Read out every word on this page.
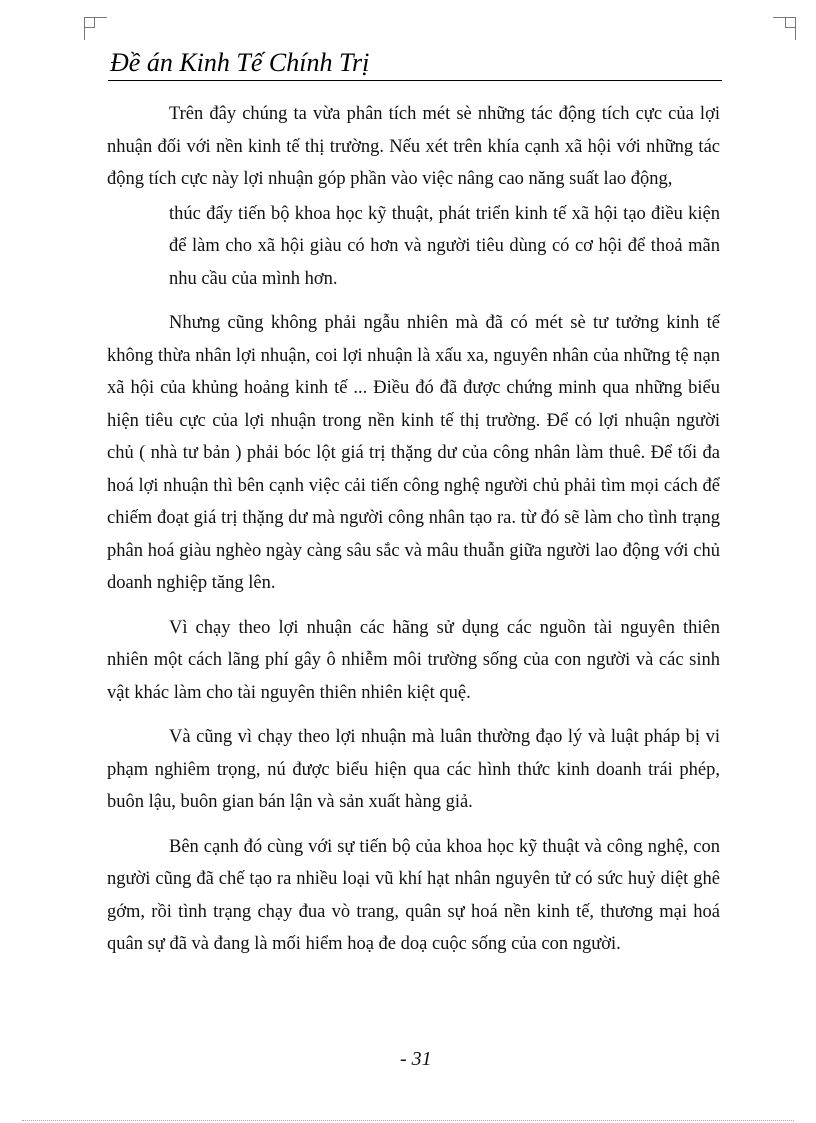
Đề án Kinh Tế Chính Trị

Trên đây chúng ta vừa phân tích mét sè những tác động tích cực của lợi nhuận đối với nền kinh tế thị trường. Nếu xét trên khía cạnh xã hội với những tác động tích cực này lợi nhuận góp phần vào việc nâng cao năng suất lao động,

thúc đẩy tiến bộ khoa học kỹ thuật, phát triển kinh tế xã hội tạo điều kiện để làm cho xã hội giàu có hơn và người tiêu dùng có cơ hội để thoả mãn nhu cầu của mình hơn.

Nhưng cũng không phải ngẫu nhiên mà đã có mét sè tư tưởng kinh tế không thừa nhân lợi nhuận, coi lợi nhuận là xấu xa, nguyên nhân của những tệ nạn xã hội của khủng hoảng kinh tế ... Điều đó đã được chứng minh qua những biểu hiện tiêu cực của lợi nhuận trong nền kinh tế thị trường. Để có lợi nhuận người chủ ( nhà tư bản ) phải bóc lột giá trị thặng dư của công nhân làm thuê. Để tối đa hoá lợi nhuận thì bên cạnh việc cải tiến công nghệ người chủ phải tìm mọi cách để chiếm đoạt giá trị thặng dư mà người công nhân tạo ra. từ đó sẽ làm cho tình trạng phân hoá giàu nghèo ngày càng sâu sắc và mâu thuẫn giữa người lao động với chủ doanh nghiệp tăng lên.

Vì chạy theo lợi nhuận các hãng sử dụng các nguồn tài nguyên thiên nhiên một cách lãng phí gây ô nhiễm môi trường sống của con người và các sinh vật khác làm cho tài nguyên thiên nhiên kiệt quệ.

Và cũng vì chạy theo lợi nhuận mà luân thường đạo lý và luật pháp bị vi phạm nghiêm trọng, nú được biểu hiện qua các hình thức kinh doanh trái phép, buôn lậu, buôn gian bán lận và sản xuất hàng giả.

Bên cạnh đó cùng với sự tiến bộ của khoa học kỹ thuật và công nghệ, con người cũng đã chế tạo ra nhiều loại vũ khí hạt nhân nguyên tử có sức huỷ diệt ghê gớm, rồi tình trạng chạy đua vò trang, quân sự hoá nền kinh tế, thương mại hoá quân sự đã và đang là mối hiểm hoạ đe doạ cuộc sống của con người.

- 31
